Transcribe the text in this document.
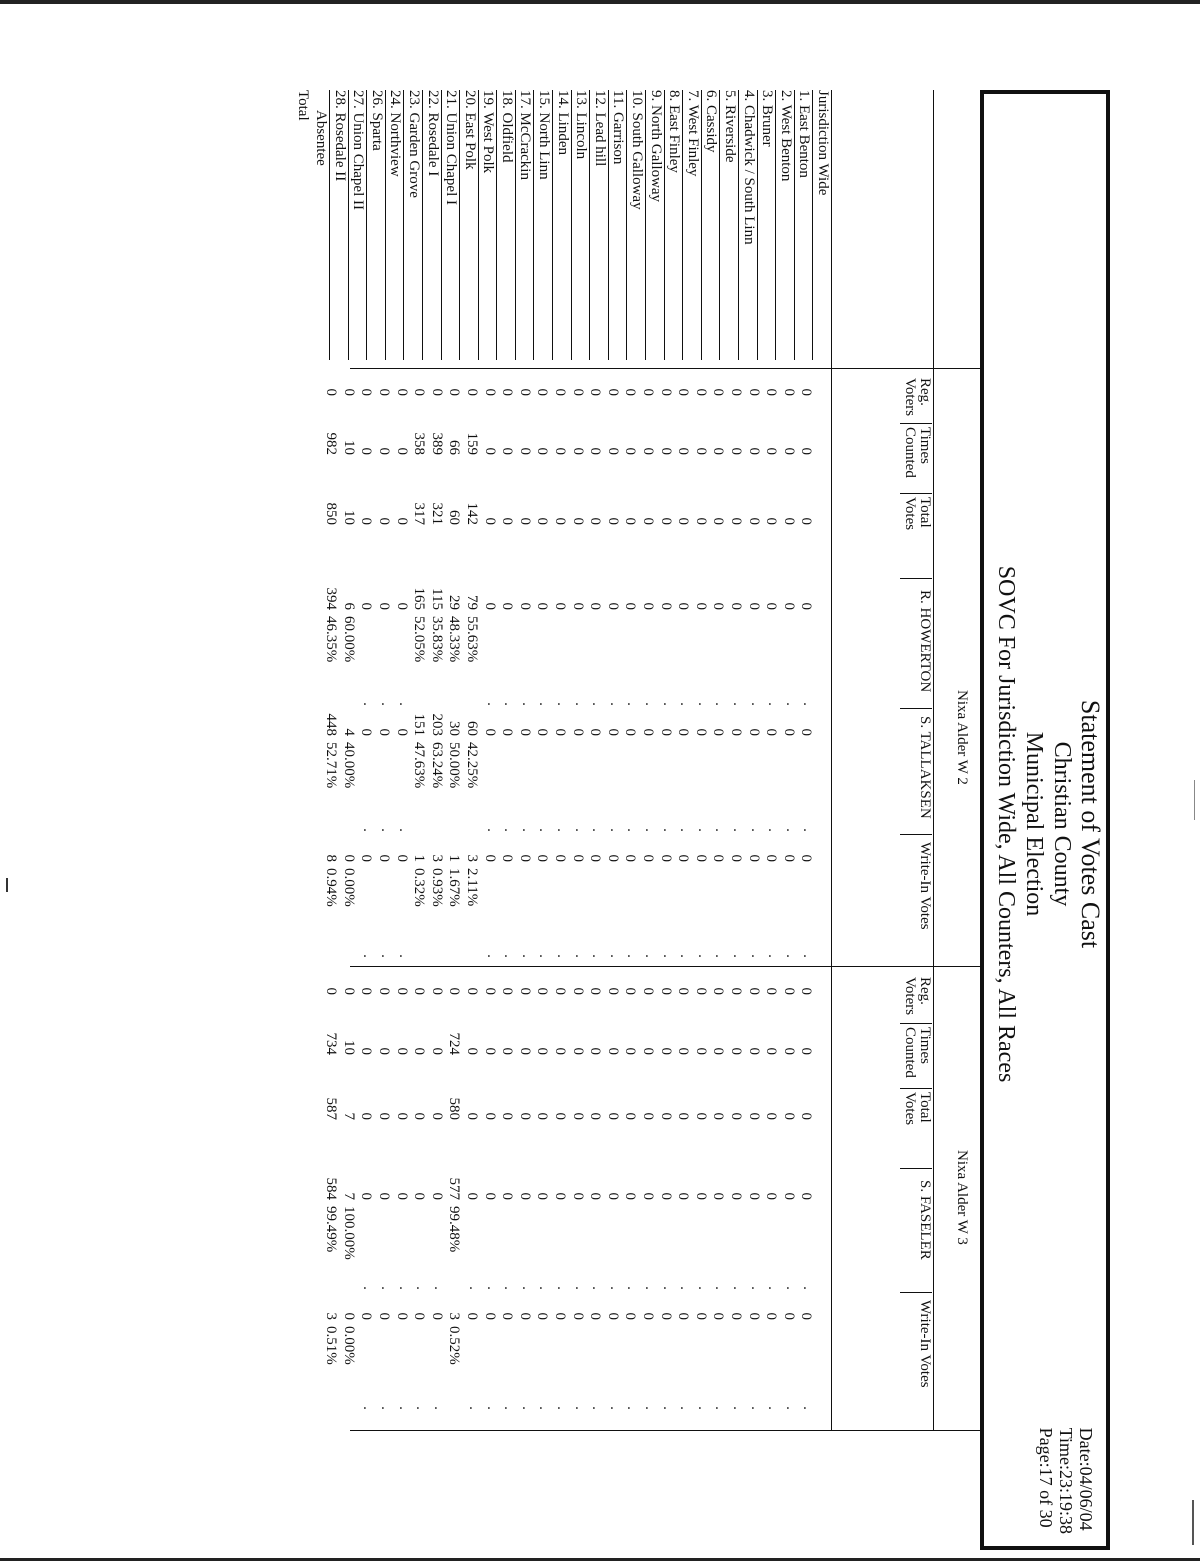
Statement of Votes Cast
Christian County
Municipal Election
SOVC For Jurisdiction Wide, All Counters, All Races
Date:04/06/04
Time:23:19:38
Page:17 of 30
Jurisdiction Wide
1. East Benton
2. West Benton
3. Bruner
4. Chadwick / South Linn
5. Riverside
6. Cassidy
7. West Finley
8. East Finley
9. North Galloway
10. South Galloway
11. Garrison
12. Lead hill
13. Lincoln
14. Linden
15. North Linn
17. McCrackin
18. Oldfield
19. West Polk
20. East Polk
21. Union Chapel I
22. Rosedale I
23. Garden Grove
24. Northview
26. Sparta
27. Union Chapel II
28. Rosedale II
Absentee
Total
Nixa Alder W 2
Reg.
Voters
Times
Counted
Total
Votes
R. HOWERTON
S. TALLAKSEN
Write-In Votes
0
0
0
0
.
0
.
0
.
0
0
0
0
.
0
.
0
.
0
0
0
0
.
0
.
0
.
0
0
0
0
.
0
.
0
.
0
0
0
0
.
0
.
0
.
0
0
0
0
.
0
.
0
.
0
0
0
0
.
0
.
0
.
0
0
0
0
.
0
.
0
.
0
0
0
0
.
0
.
0
.
0
0
0
0
.
0
.
0
.
0
0
0
0
.
0
.
0
.
0
0
0
0
.
0
.
0
.
0
0
0
0
.
0
.
0
.
0
0
0
0
.
0
.
0
.
0
0
0
0
.
0
.
0
.
0
0
0
0
.
0
.
0
.
0
0
0
0
.
0
.
0
.
0
0
0
0
.
0
.
0
.
0
0
0
0
.
0
.
0
.
0
159
142
79
55.63%
60
42.25%
3
2.11%
0
66
60
29
48.33%
30
50.00%
1
1.67%
0
389
321
115
35.83%
203
63.24%
3
0.93%
0
358
317
165
52.05%
151
47.63%
1
0.32%
0
0
0
0
.
0
.
0
.
0
0
0
0
.
0
.
0
.
0
0
0
0
.
0
.
0
.
0
10
10
6
60.00%
4
40.00%
0
0.00%
0
982
850
394
46.35%
448
52.71%
8
0.94%
Nixa Alder W 3
Reg.
Voters
Times
Counted
Total
Votes
S. FASELER
Write-In Votes
0
0
0
0
.
0
.
0
0
0
0
.
0
.
0
0
0
0
.
0
.
0
0
0
0
.
0
.
0
0
0
0
.
0
.
0
0
0
0
.
0
.
0
0
0
0
.
0
.
0
0
0
0
.
0
.
0
0
0
0
.
0
.
0
0
0
0
.
0
.
0
0
0
0
.
0
.
0
0
0
0
.
0
.
0
0
0
0
.
0
.
0
0
0
0
.
0
.
0
0
0
0
.
0
.
0
0
0
0
.
0
.
0
0
0
0
.
0
.
0
0
0
0
.
0
.
0
0
0
0
.
0
.
0
0
0
0
.
0
.
0
724
580
577
99.48%
3
0.52%
0
0
0
0
.
0
.
0
0
0
0
.
0
.
0
0
0
0
.
0
.
0
0
0
0
.
0
.
0
0
0
0
.
0
.
0
10
7
7
100.00%
0
0.00%
0
734
587
584
99.49%
3
0.51%
